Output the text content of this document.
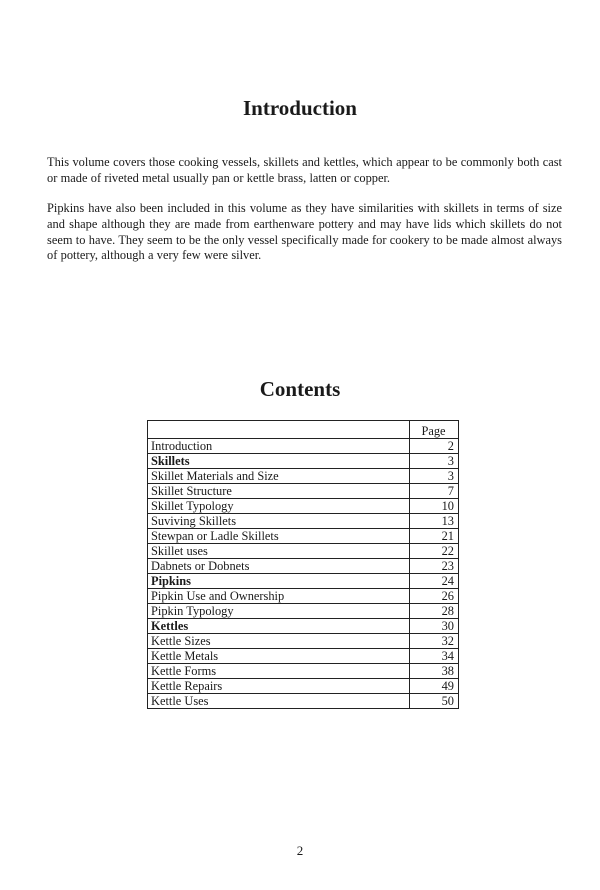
Introduction

This volume covers those cooking vessels, skillets and kettles, which appear to be commonly both cast or made of riveted metal usually pan or kettle brass, latten or copper.

Pipkins have also been included in this volume as they have similarities with skillets in terms of size and shape although they are made from earthenware pottery and may have lids which skillets do not seem to have. They seem to be the only vessel specifically made for cookery to be made almost always of pottery, although a very few were silver.

Contents
	Page
Introduction	2
Skillets	3
Skillet Materials and Size	3
Skillet Structure	7
Skillet Typology	10
Suviving Skillets	13
Stewpan or Ladle Skillets	21
Skillet uses	22
Dabnets or Dobnets	23
Pipkins	24
Pipkin Use and Ownership	26
Pipkin Typology	28
Kettles	30
Kettle Sizes	32
Kettle Metals	34
Kettle Forms	38
Kettle Repairs	49
Kettle Uses	50
2
